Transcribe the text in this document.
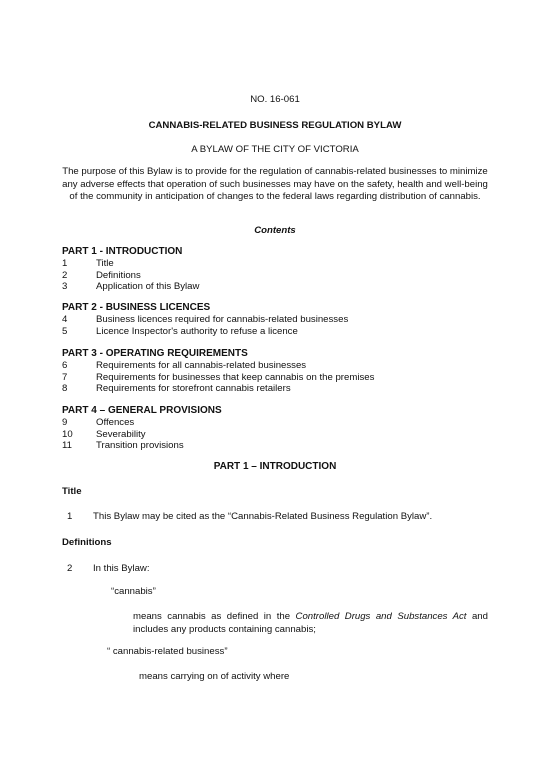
NO. 16-061
CANNABIS-RELATED BUSINESS REGULATION BYLAW
A BYLAW OF THE CITY OF VICTORIA
The purpose of this Bylaw is to provide for the regulation of cannabis-related businesses to minimize any adverse effects that operation of such businesses may have on the safety, health and well-being of the community in anticipation of changes to the federal laws regarding distribution of cannabis.
Contents
PART 1 - INTRODUCTION
1	Title
2	Definitions
3	Application of this Bylaw
PART 2 - BUSINESS LICENCES
4	Business licences required for cannabis-related businesses
5	Licence Inspector's authority to refuse a licence
PART 3 - OPERATING REQUIREMENTS
6	Requirements for all cannabis-related businesses
7	Requirements for businesses that keep cannabis on the premises
8	Requirements for storefront cannabis retailers
PART 4 – GENERAL PROVISIONS
9	Offences
10 Severability
11	Transition provisions
PART 1 – INTRODUCTION
Title
1 This Bylaw may be cited as the “Cannabis-Related Business Regulation Bylaw”.
Definitions
2 In this Bylaw:
“cannabis”
means cannabis as defined in the Controlled Drugs and Substances Act and includes any products containing cannabis;
“ cannabis-related business”
means carrying on of activity where
